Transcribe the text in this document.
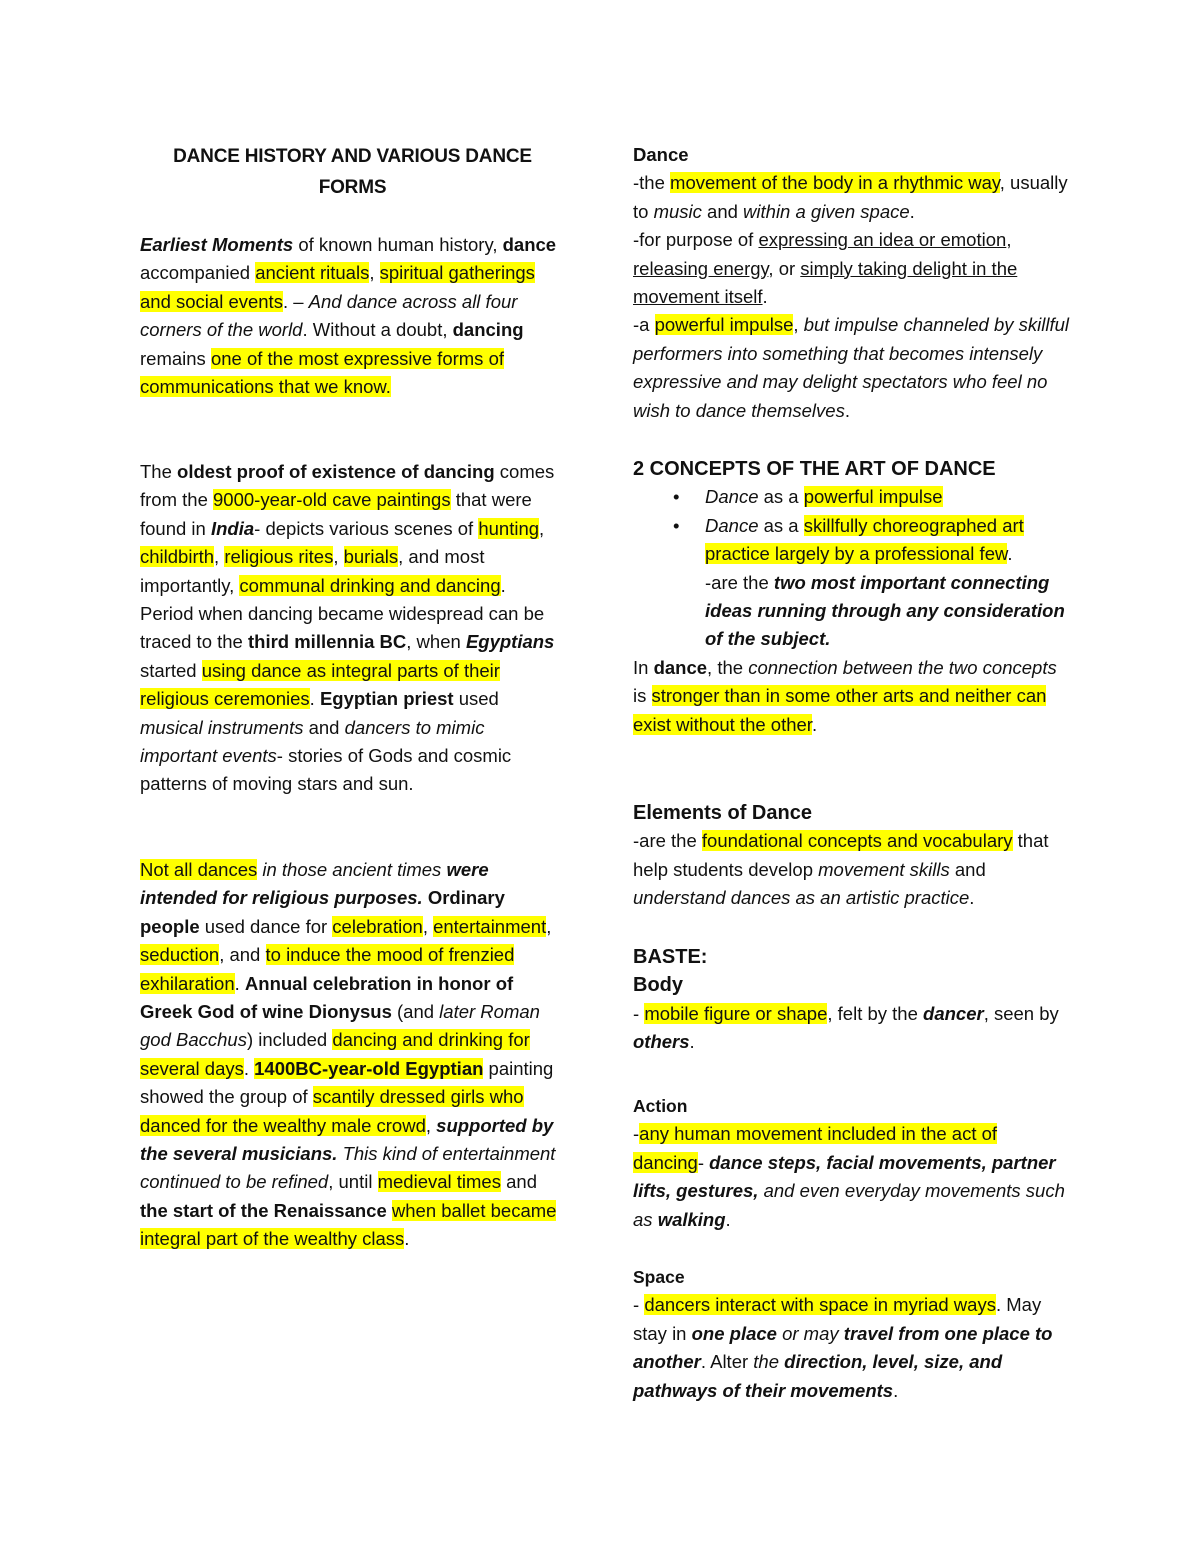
DANCE HISTORY AND VARIOUS DANCE FORMS
Earliest Moments of known human history, dance accompanied ancient rituals, spiritual gatherings and social events. – And dance across all four corners of the world. Without a doubt, dancing remains one of the most expressive forms of communications that we know.
The oldest proof of existence of dancing comes from the 9000-year-old cave paintings that were found in India- depicts various scenes of hunting, childbirth, religious rites, burials, and most importantly, communal drinking and dancing. Period when dancing became widespread can be traced to the third millennia BC, when Egyptians started using dance as integral parts of their religious ceremonies. Egyptian priest used musical instruments and dancers to mimic important events- stories of Gods and cosmic patterns of moving stars and sun.
Not all dances in those ancient times were intended for religious purposes. Ordinary people used dance for celebration, entertainment, seduction, and to induce the mood of frenzied exhilaration. Annual celebration in honor of Greek God of wine Dionysus (and later Roman god Bacchus) included dancing and drinking for several days. 1400BC-year-old Egyptian painting showed the group of scantily dressed girls who danced for the wealthy male crowd, supported by the several musicians. This kind of entertainment continued to be refined, until medieval times and the start of the Renaissance when ballet became integral part of the wealthy class.
Dance
-the movement of the body in a rhythmic way, usually to music and within a given space.
-for purpose of expressing an idea or emotion, releasing energy, or simply taking delight in the movement itself.
-a powerful impulse, but impulse channeled by skillful performers into something that becomes intensely expressive and may delight spectators who feel no wish to dance themselves.
2 CONCEPTS OF THE ART OF DANCE
• Dance as a powerful impulse
• Dance as a skillfully choreographed art practice largely by a professional few.
-are the two most important connecting ideas running through any consideration of the subject.
In dance, the connection between the two concepts is stronger than in some other arts and neither can exist without the other.
Elements of Dance
-are the foundational concepts and vocabulary that help students develop movement skills and understand dances as an artistic practice.
BASTE:
Body
- mobile figure or shape, felt by the dancer, seen by others.
Action
-any human movement included in the act of dancing- dance steps, facial movements, partner lifts, gestures, and even everyday movements such as walking.
Space
- dancers interact with space in myriad ways. May stay in one place or may travel from one place to another. Alter the direction, level, size, and pathways of their movements.
